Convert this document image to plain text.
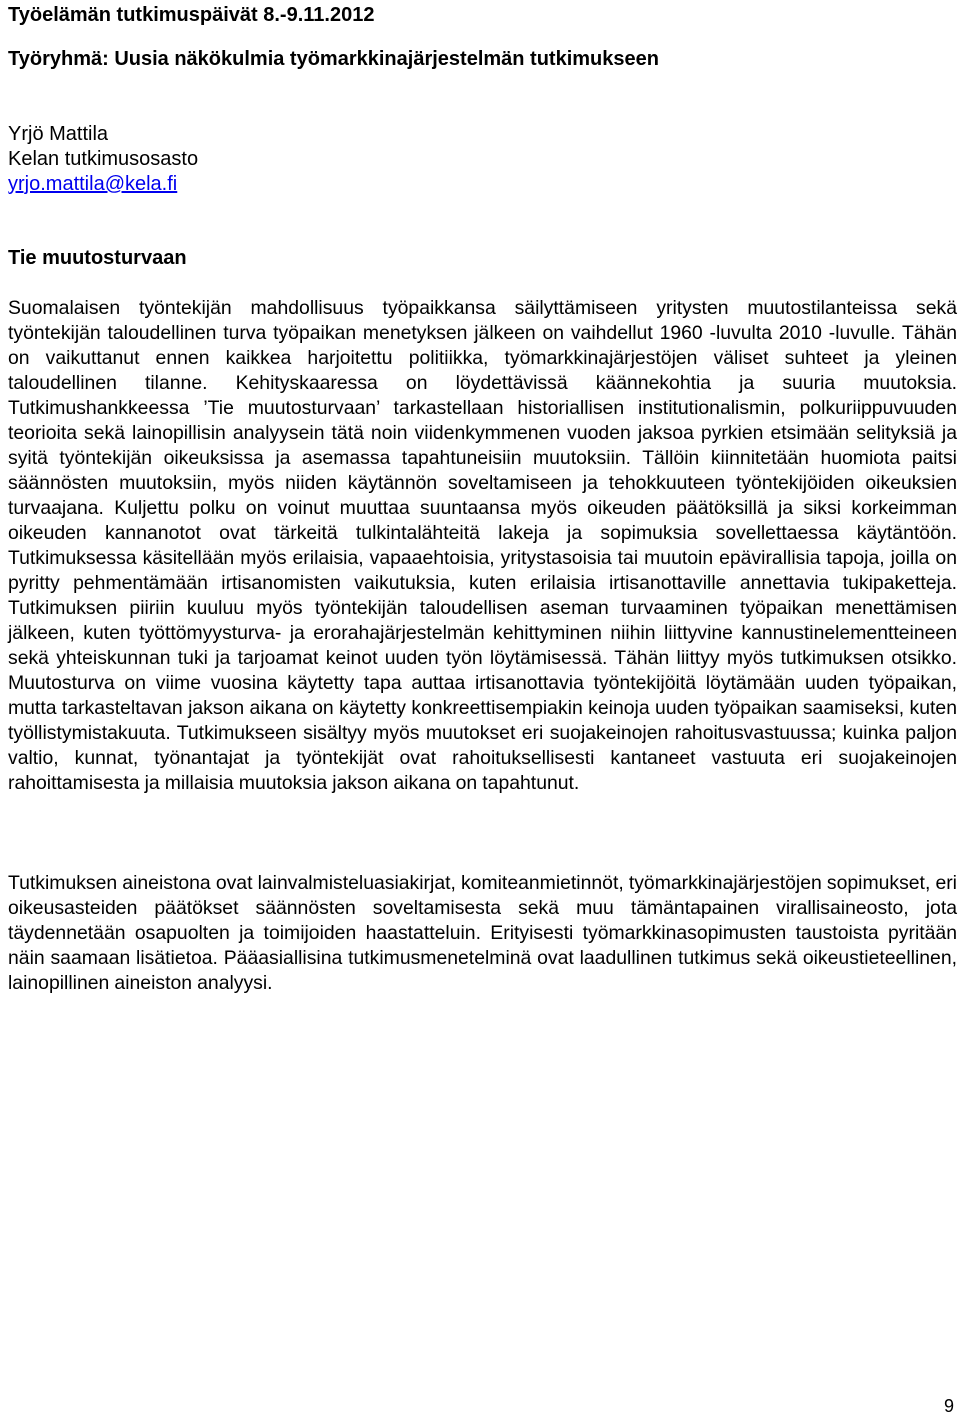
Työelämän tutkimuspäivät 8.-9.11.2012
Työryhmä: Uusia näkökulmia työmarkkinajärjestelmän tutkimukseen
Yrjö Mattila
Kelan tutkimusosasto
yrjo.mattila@kela.fi
Tie muutosturvaan

Suomalaisen työntekijän mahdollisuus työpaikkansa säilyttämiseen yritysten muutostilanteissa sekä työntekijän taloudellinen turva työpaikan menetyksen jälkeen on vaihdellut 1960 -luvulta 2010 -luvulle. Tähän on vaikuttanut ennen kaikkea harjoitettu politiikka, työmarkkinajärjestöjen väliset suhteet ja yleinen taloudellinen tilanne. Kehityskaaressa on löydettävissä käännekohtia ja suuria muutoksia. Tutkimushankkeessa ’Tie muutosturvaan’ tarkastellaan historiallisen institutionalismin, polkuriippuvuuden teorioita sekä lainopillisin analyysein tätä noin viidenkymmenen vuoden jaksoa pyrkien etsimään selityksiä ja syitä työntekijän oikeuksissa ja asemassa tapahtuneisiin muutoksiin. Tällöin kiinnitetään huomiota paitsi säännösten muutoksiin, myös niiden käytännön soveltamiseen ja tehokkuuteen työntekijöiden oikeuksien turvaajana. Kuljettu polku on voinut muuttaa suuntaansa myös oikeuden päätöksillä ja siksi korkeimman oikeuden kannanotot ovat tärkeitä tulkintalähteitä lakeja ja sopimuksia sovellettaessa käytäntöön. Tutkimuksessa käsitellään myös erilaisia, vapaaehtoisia, yritystasoisia tai muutoin epävirallisia tapoja, joilla on pyritty pehmentämään irtisanomisten vaikutuksia, kuten erilaisia irtisanottaville annettavia tukipaketteja. Tutkimuksen piiriin kuuluu myös työntekijän taloudellisen aseman turvaaminen työpaikan menettämisen jälkeen, kuten työttömyysturva- ja erorahajärjestelmän kehittyminen niihin liittyvine kannustinelementteineen sekä yhteiskunnan tuki ja tarjoamat keinot uuden työn löytämisessä. Tähän liittyy myös tutkimuksen otsikko. Muutosturva on viime vuosina käytetty tapa auttaa irtisanottavia työntekijöitä löytämään uuden työpaikan, mutta tarkasteltavan jakson aikana on käytetty konkreettisempiakin keinoja uuden työpaikan saamiseksi, kuten työllistymistakuuta. Tutkimukseen sisältyy myös muutokset eri suojakeinojen rahoitusvastuussa; kuinka paljon valtio, kunnat, työnantajat ja työntekijät ovat rahoituksellisesti kantaneet vastuuta eri suojakeinojen rahoittamisesta ja millaisia muutoksia jakson aikana on tapahtunut.

Tutkimuksen aineistona ovat lainvalmisteluasiakirjat, komiteanmietinnöt, työmarkkinajärjestöjen sopimukset, eri oikeusasteiden päätökset säännösten soveltamisesta sekä muu tämäntapainen virallisaineosto, jota täydennetään osapuolten ja toimijoiden haastatteluin. Erityisesti työmarkkinasopimusten taustoista pyritään näin saamaan lisätietoa. Pääasiallisina tutkimusmenetelminä ovat laadullinen tutkimus sekä oikeustieteellinen, lainopillinen aineiston analyysi.

9
